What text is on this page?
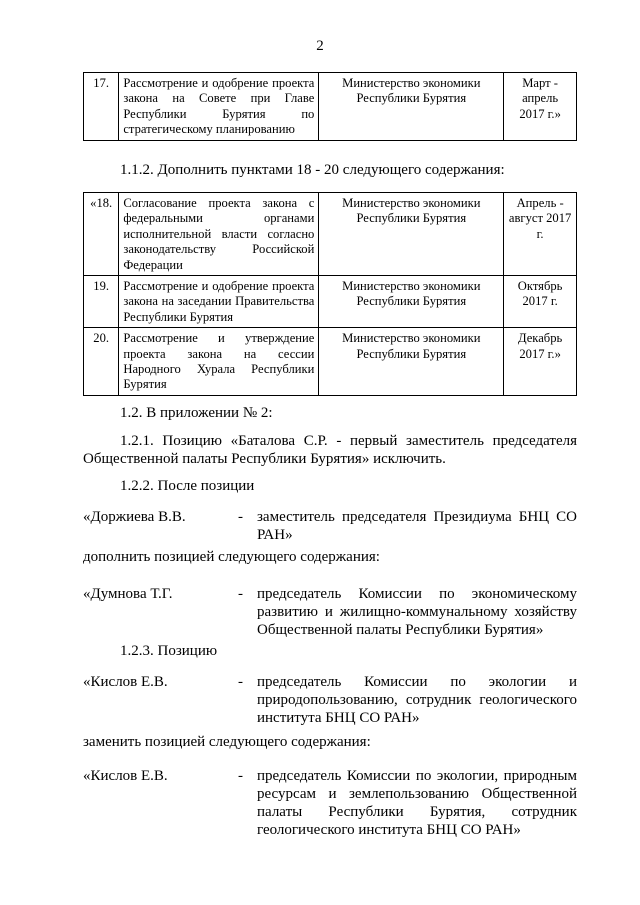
2
17.	Рассмотрение и одобрение проекта закона на Совете при Главе Республики Бурятия по стратегическому планированию	Министерство экономики Республики Бурятия	Март - апрель 2017 г.»
1.1.2. Дополнить пунктами 18 - 20 следующего содержания:
«18.	Согласование проекта закона с федеральными органами исполнительной власти согласно законодательству Российской Федерации	Министерство экономики Республики Бурятия	Апрель - август 2017 г.
19.	Рассмотрение и одобрение проекта закона на заседании Правительства Республики Бурятия	Министерство экономики Республики Бурятия	Октябрь 2017 г.
20.	Рассмотрение и утверждение проекта закона на сессии Народного Хурала Республики Бурятия	Министерство экономики Республики Бурятия	Декабрь 2017 г.»
1.2. В приложении № 2:
1.2.1. Позицию «Баталова С.Р. - первый заместитель председателя Общественной палаты Республики Бурятия» исключить.
1.2.2. После позиции
«Доржиева В.В.	- заместитель председателя Президиума БНЦ СО РАН»
дополнить позицией следующего содержания:
«Думнова Т.Г.	- председатель Комиссии по экономическому развитию и жилищно-коммунальному хозяйству Общественной палаты Республики Бурятия»
1.2.3. Позицию
«Кислов Е.В.	- председатель Комиссии по экологии и природопользованию, сотрудник геологического института БНЦ СО РАН»
заменить позицией следующего содержания:
«Кислов Е.В.	- председатель Комиссии по экологии, природным ресурсам и землепользованию Общественной палаты Республики Бурятия, сотрудник геологического института БНЦ СО РАН»
